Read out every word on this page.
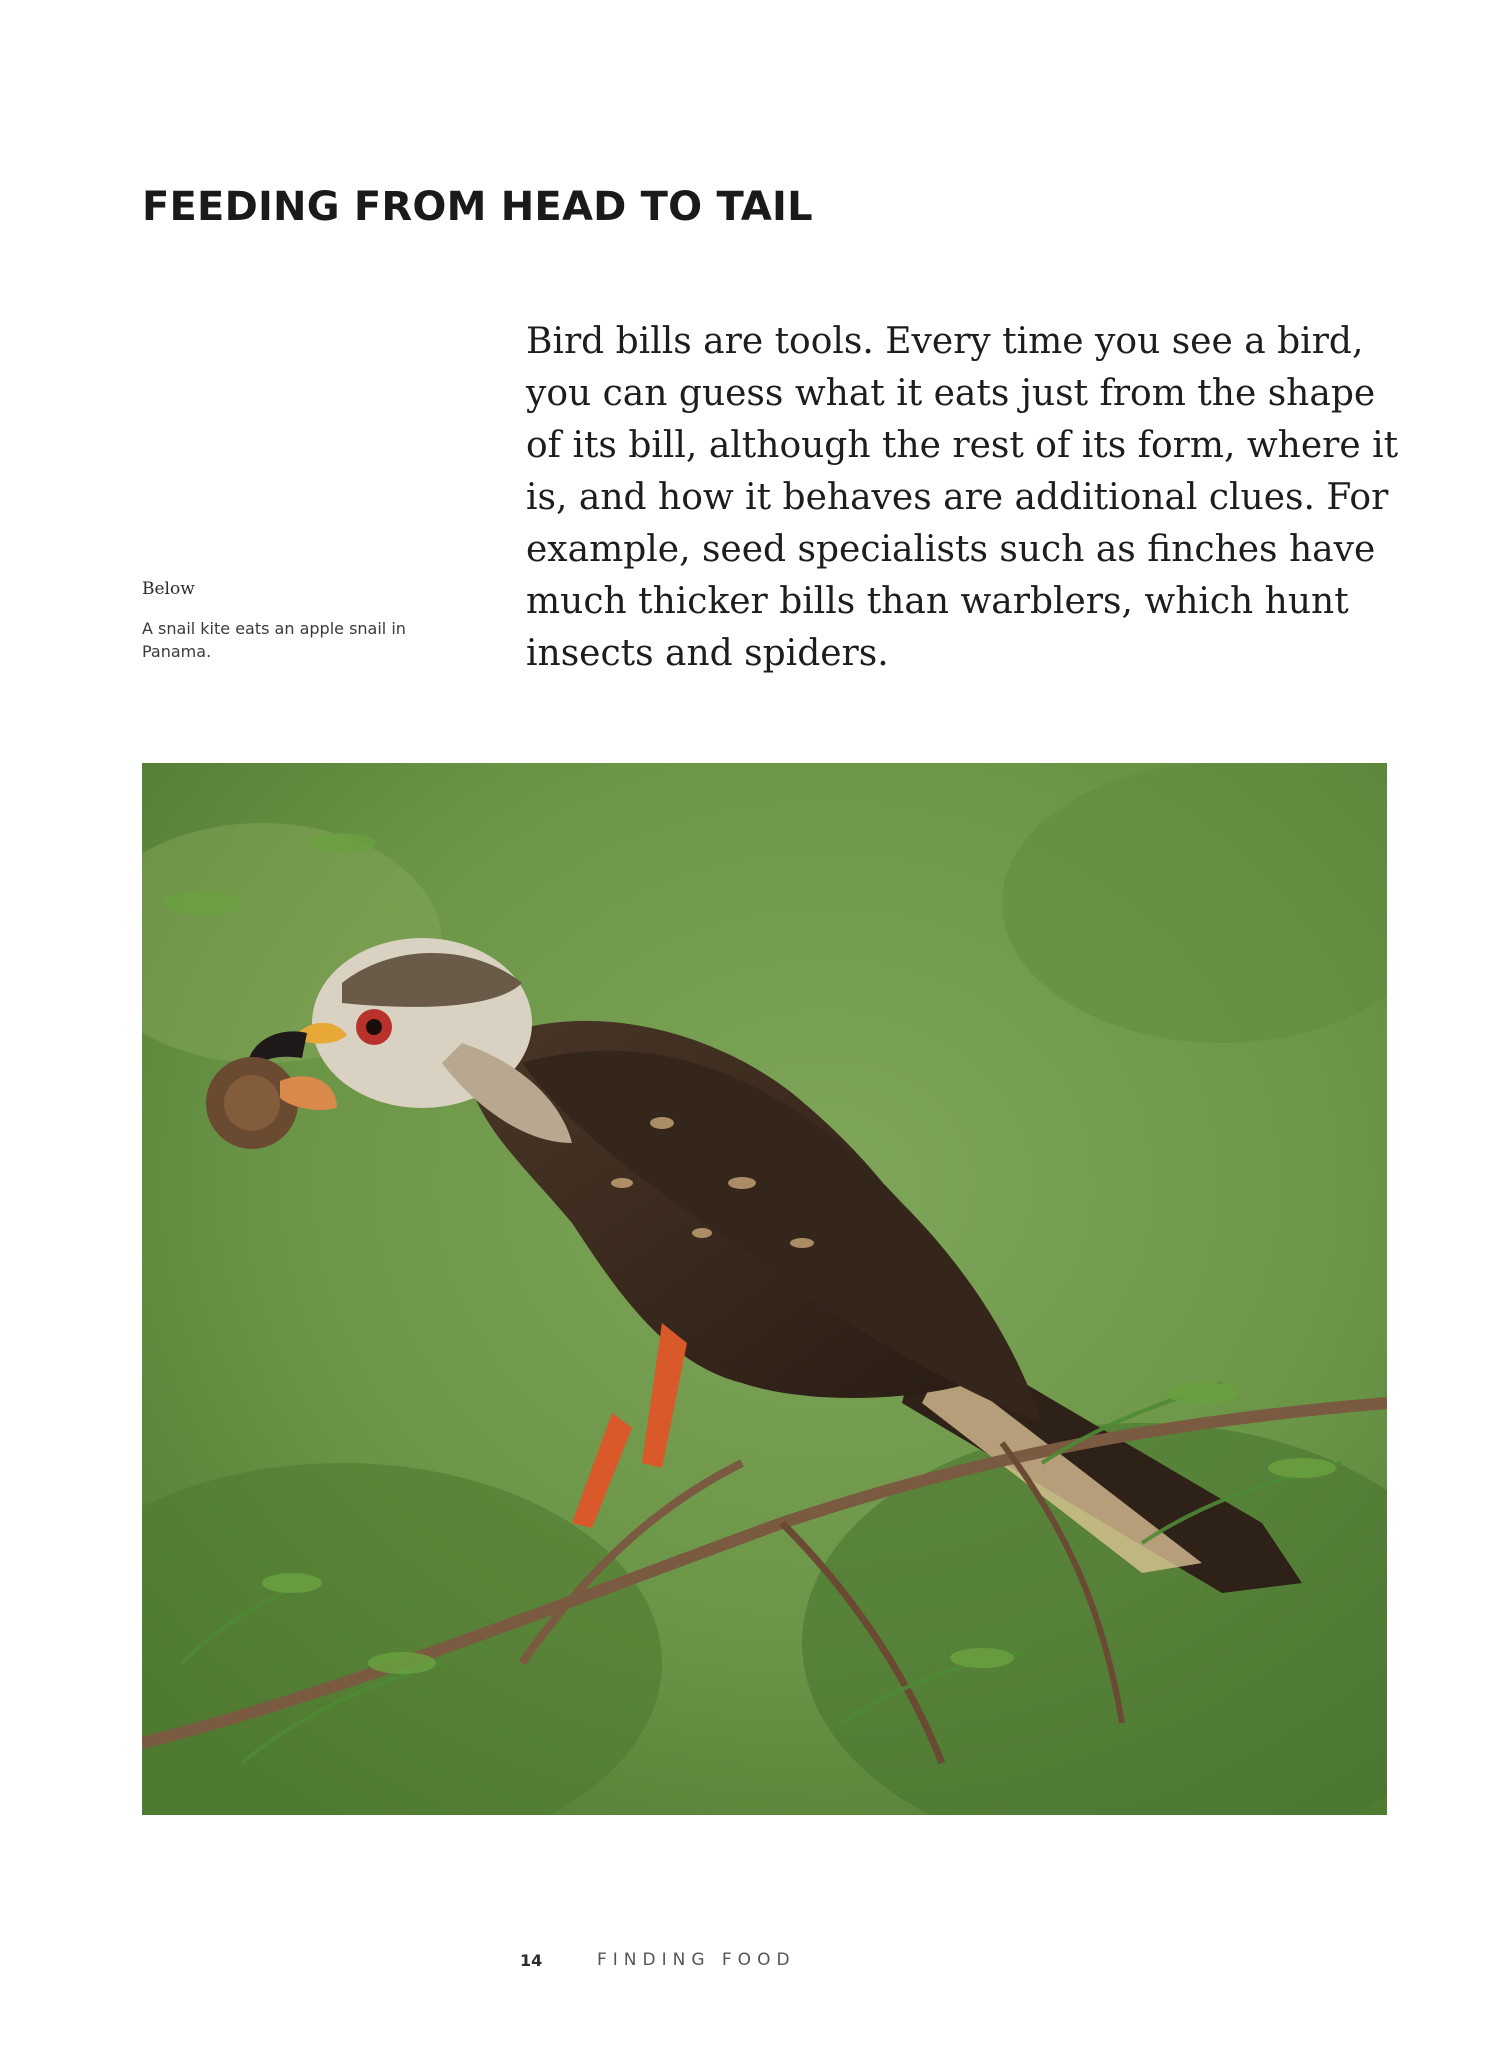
FEEDING FROM HEAD TO TAIL
Below
A snail kite eats an apple snail in Panama.

Bird bills are tools. Every time you see a bird, you can guess what it eats just from the shape of its bill, although the rest of its form, where it is, and how it behaves are additional clues. For example, seed specialists such as finches have much thicker bills than warblers, which hunt insects and spiders.

14	FINDING FOOD
